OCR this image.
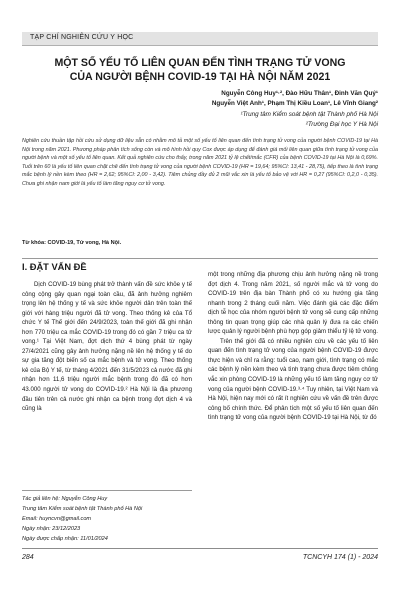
TẠP CHÍ NGHIÊN CỨU Y HỌC
MỘT SỐ YẾU TỐ LIÊN QUAN ĐẾN TÌNH TRẠNG TỬ VONG
CỦA NGƯỜI BỆNH COVID-19 TẠI HÀ NỘI NĂM 2021
Nguyễn Công Huy¹·², Đào Hữu Thân¹, Đinh Văn Quý¹
Nguyễn Việt Anh¹, Phạm Thị Kiều Loan¹, Lê Vĩnh Giang²
¹Trung tâm Kiểm soát bệnh tật Thành phố Hà Nội
²Trường Đại học Y Hà Nội
Nghiên cứu thuần tập hồi cứu sử dụng dữ liệu sẵn có nhằm mô tả một số yếu tố liên quan đến tình trạng tử vong của người bệnh COVID-19 tại Hà Nội trong năm 2021. Phương pháp phân tích sống còn và mô hình hồi quy Cox được áp dụng để đánh giá mối liên quan giữa tình trạng tử vong của người bệnh và một số yếu tố liên quan. Kết quả nghiên cứu cho thấy, trong năm 2021 tỷ lệ chết/mắc (CFR) của bệnh COVID-19 tại Hà Nội là 0,69%. Tuổi trên 60 là yếu tố liên quan chặt chẽ đến tình trạng tử vong của người bệnh COVID-19 (HR = 19,64; 95%CI: 13,41 - 28,75), tiếp theo là tình trạng mắc bệnh lý nền kèm theo (HR = 2,62; 95%CI: 2,00 - 3,42). Tiêm chủng đầy đủ 2 mũi vắc xin là yếu tố bảo vệ với HR = 0,27 (95%CI: 0,2,0 - 0,35). Chưa ghi nhận nam giới là yếu tố làm tăng nguy cơ tử vong.
Từ khóa: COVID-19, Tử vong, Hà Nội.
I. ĐẶT VẤN ĐỀ

Dịch COVID-19 bùng phát trở thành vấn đề sức khỏe y tế công cộng gây quan ngại toàn cầu, đã ảnh hưởng nghiêm trọng lên hệ thống y tế và sức khỏe người dân trên toàn thế giới với hàng triệu người đã tử vong. Theo thống kê của Tổ chức Y tế Thế giới đến 24/9/2023, toàn thế giới đã ghi nhận hơn 770 triệu ca mắc COVID-19 trong đó có gần 7 triệu ca tử vong.¹ Tại Việt Nam, đợt dịch thứ 4 bùng phát từ ngày 27/4/2021 cũng gây ảnh hưởng nặng nề lên hệ thống y tế do sự gia tăng đột biến số ca mắc bệnh và tử vong. Theo thống kê của Bộ Y tế, từ tháng 4/2021 đến 31/5/2023 cả nước đã ghi nhận hơn 11,6 triệu người mắc bệnh trong đó đã có hơn 43.000 người tử vong do COVID-19.² Hà Nội là địa phương đầu tiên trên cả nước ghi nhận ca bệnh trong đợt dịch 4 và cũng là

một trong những địa phương chịu ảnh hưởng nặng nề trong đợt dịch 4. Trong năm 2021, số người mắc và tử vong do COVID-19 trên địa bàn Thành phố có xu hướng gia tăng nhanh trong 2 tháng cuối năm. Việc đánh giá các đặc điểm dịch tễ học của nhóm người bệnh tử vong sẽ cung cấp những thông tin quan trọng giúp các nhà quản lý đưa ra các chiến lược quản lý người bệnh phù hợp góp giảm thiểu tỷ lệ tử vong.

Trên thế giới đã có nhiều nghiên cứu về các yếu tố liên quan đến tình trạng tử vong của người bệnh COVID-19 được thực hiện và chỉ ra rằng: tuổi cao, nam giới, tình trạng có mắc các bệnh lý nền kèm theo và tình trạng chưa được tiêm chủng vắc xin phòng COVID-19 là những yếu tố làm tăng nguy cơ tử vong của người bệnh COVID-19.³·⁴ Tuy nhiên, tại Việt Nam và Hà Nội, hiện nay mới có rất ít nghiên cứu về vấn đề trên được công bố chính thức. Để phân tích một số yếu tố liên quan đến tình trạng tử vong của người bệnh COVID-19 tại Hà Nội, từ đó

Tác giả liên hệ: Nguyễn Công Huy
Trung tâm Kiểm soát bệnh tật Thành phố Hà Nội
Email: huyncvn@gmail.com
Ngày nhận: 23/12/2023
Ngày được chấp nhận: 11/01/2024
284	TCNCYH 174 (1) - 2024
